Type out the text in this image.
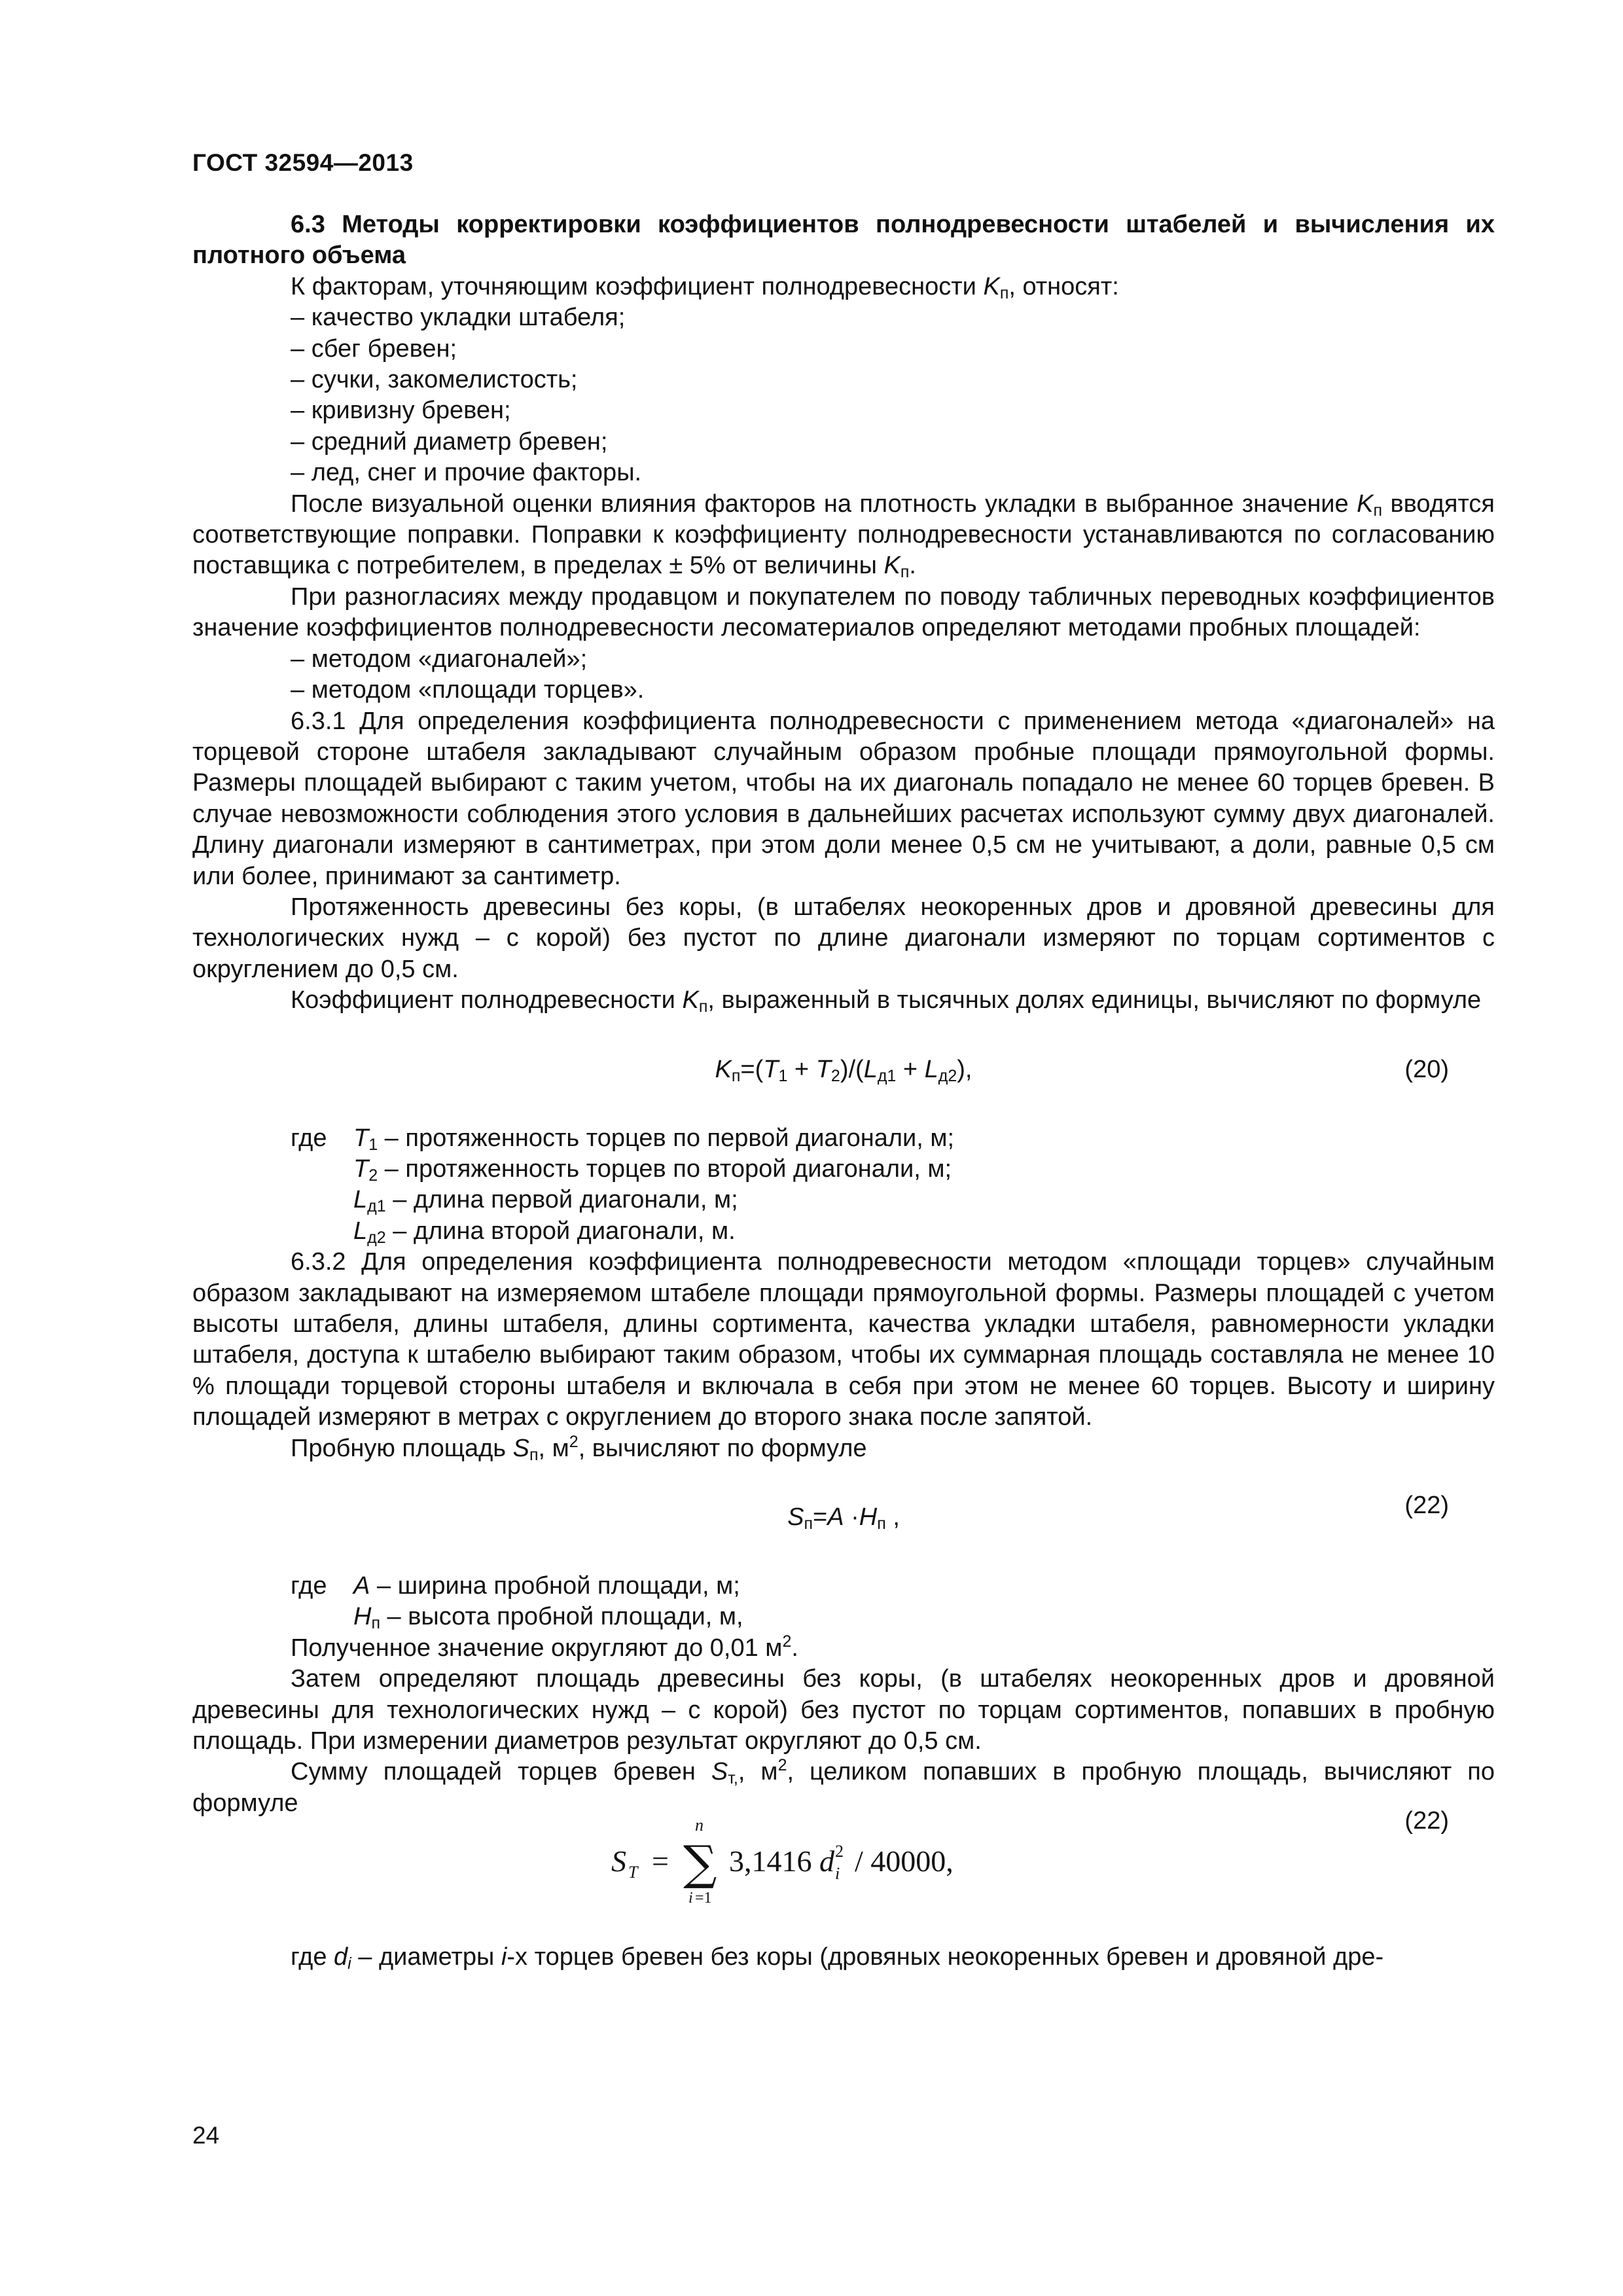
ГОСТ 32594—2013

6.3 Методы корректировки коэффициентов полнодревесности штабелей и вычисления их плотного объема

К факторам, уточняющим коэффициент полнодревесности $K_п$, относят:

– качество укладки штабеля;

– сбег бревен;

– сучки, закомелистость;

– кривизну бревен;

– средний диаметр бревен;

– лед, снег и прочие факторы.

После визуальной оценки влияния факторов на плотность укладки в выбранное значение $K_п$ вводятся соответствующие поправки. Поправки к коэффициенту полнодревесности устанавливаются по согласованию поставщика с потребителем, в пределах ± 5% от величины $K_п$.

При разногласиях между продавцом и покупателем по поводу табличных переводных коэффициентов значение коэффициентов полнодревесности лесоматериалов определяют методами пробных площадей:

– методом «диагоналей»;

– методом «площади торцев».

6.3.1 Для определения коэффициента полнодревесности с применением метода «диагоналей» на торцевой стороне штабеля закладывают случайным образом пробные площади прямоугольной формы. Размеры площадей выбирают с таким учетом, чтобы на их диагональ попадало не менее 60 торцев бревен. В случае невозможности соблюдения этого условия в дальнейших расчетах используют сумму двух диагоналей. Длину диагонали измеряют в сантиметрах, при этом доли менее 0,5 см не учитывают, а доли, равные 0,5 см или более, принимают за сантиметр.

Протяженность древесины без коры, (в штабелях неокоренных дров и дровяной древесины для технологических нужд – с корой) без пустот по длине диагонали измеряют по торцам сортиментов с округлением до 0,5 см.

Коэффициент полнодревесности $K_п$, выраженный в тысячных долях единицы, вычисляют по формуле

$K_п=(T_1 + T_2)/(L_{д1} + L_{д2})$,	(20)
где $T_1$ – протяженность торцев по первой диагонали, м;
$T_2$ – протяженность торцев по второй диагонали, м;
$L_{д1}$ – длина первой диагонали, м;
$L_{д2}$ – длина второй диагонали, м.

6.3.2 Для определения коэффициента полнодревесности методом «площади торцев» случайным образом закладывают на измеряемом штабеле площади прямоугольной формы. Размеры площадей с учетом высоты штабеля, длины штабеля, длины сортимента, качества укладки штабеля, равномерности укладки штабеля, доступа к штабелю выбирают таким образом, чтобы их суммарная площадь составляла не менее 10 % площади торцевой стороны штабеля и включала в себя при этом не менее 60 торцев. Высоту и ширину площадей измеряют в метрах с округлением до второго знака после запятой.

Пробную площадь $S_п$, $м^2$, вычисляют по формуле

$S_п=A \cdot H_п$ ,	(22)
где A – ширина пробной площади, м;
$H_п$ – высота пробной площади, м,

Полученное значение округляют до 0,01 $м^2$.

Затем определяют площадь древесины без коры, (в штабелях неокоренных дров и дровяной древесины для технологических нужд – с корой) без пустот по торцам сортиментов, попавших в пробную площадь. При измерении диаметров результат округляют до 0,5 см.

Сумму площадей торцев бревен $S_{т,}$, $м^2$, целиком попавших в пробную площадь, вычисляют по формуле

S T = ∑
n
i =1
3,1416 d 2
i / 40000,
(22)

где $d_i$ – диаметры i-х торцев бревен без коры (дровяных неокоренных бревен и дровяной дре-

24
